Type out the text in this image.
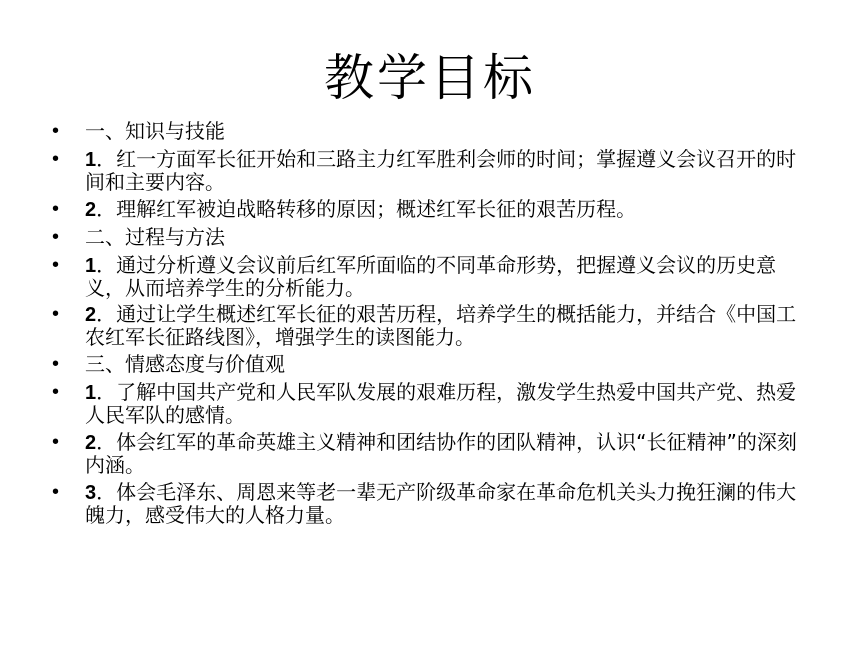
教学目标
• 一、知识与技能
• 1．红一方面军长征开始和三路主力红军胜利会师的时间；掌握遵义会议召开的时间和主要内容。
• 2．理解红军被迫战略转移的原因；概述红军长征的艰苦历程。
• 二、过程与方法
• 1．通过分析遵义会议前后红军所面临的不同革命形势，把握遵义会议的历史意义，从而培养学生的分析能力。
• 2．通过让学生概述红军长征的艰苦历程，培养学生的概括能力，并结合《中国工农红军长征路线图》，增强学生的读图能力。
• 三、情感态度与价值观
• 1．了解中国共产党和人民军队发展的艰难历程，激发学生热爱中国共产党、热爱人民军队的感情。
• 2．体会红军的革命英雄主义精神和团结协作的团队精神，认识“长征精神”的深刻内涵。
• 3．体会毛泽东、周恩来等老一辈无产阶级革命家在革命危机关头力挽狂澜的伟大魄力，感受伟大的人格力量。
